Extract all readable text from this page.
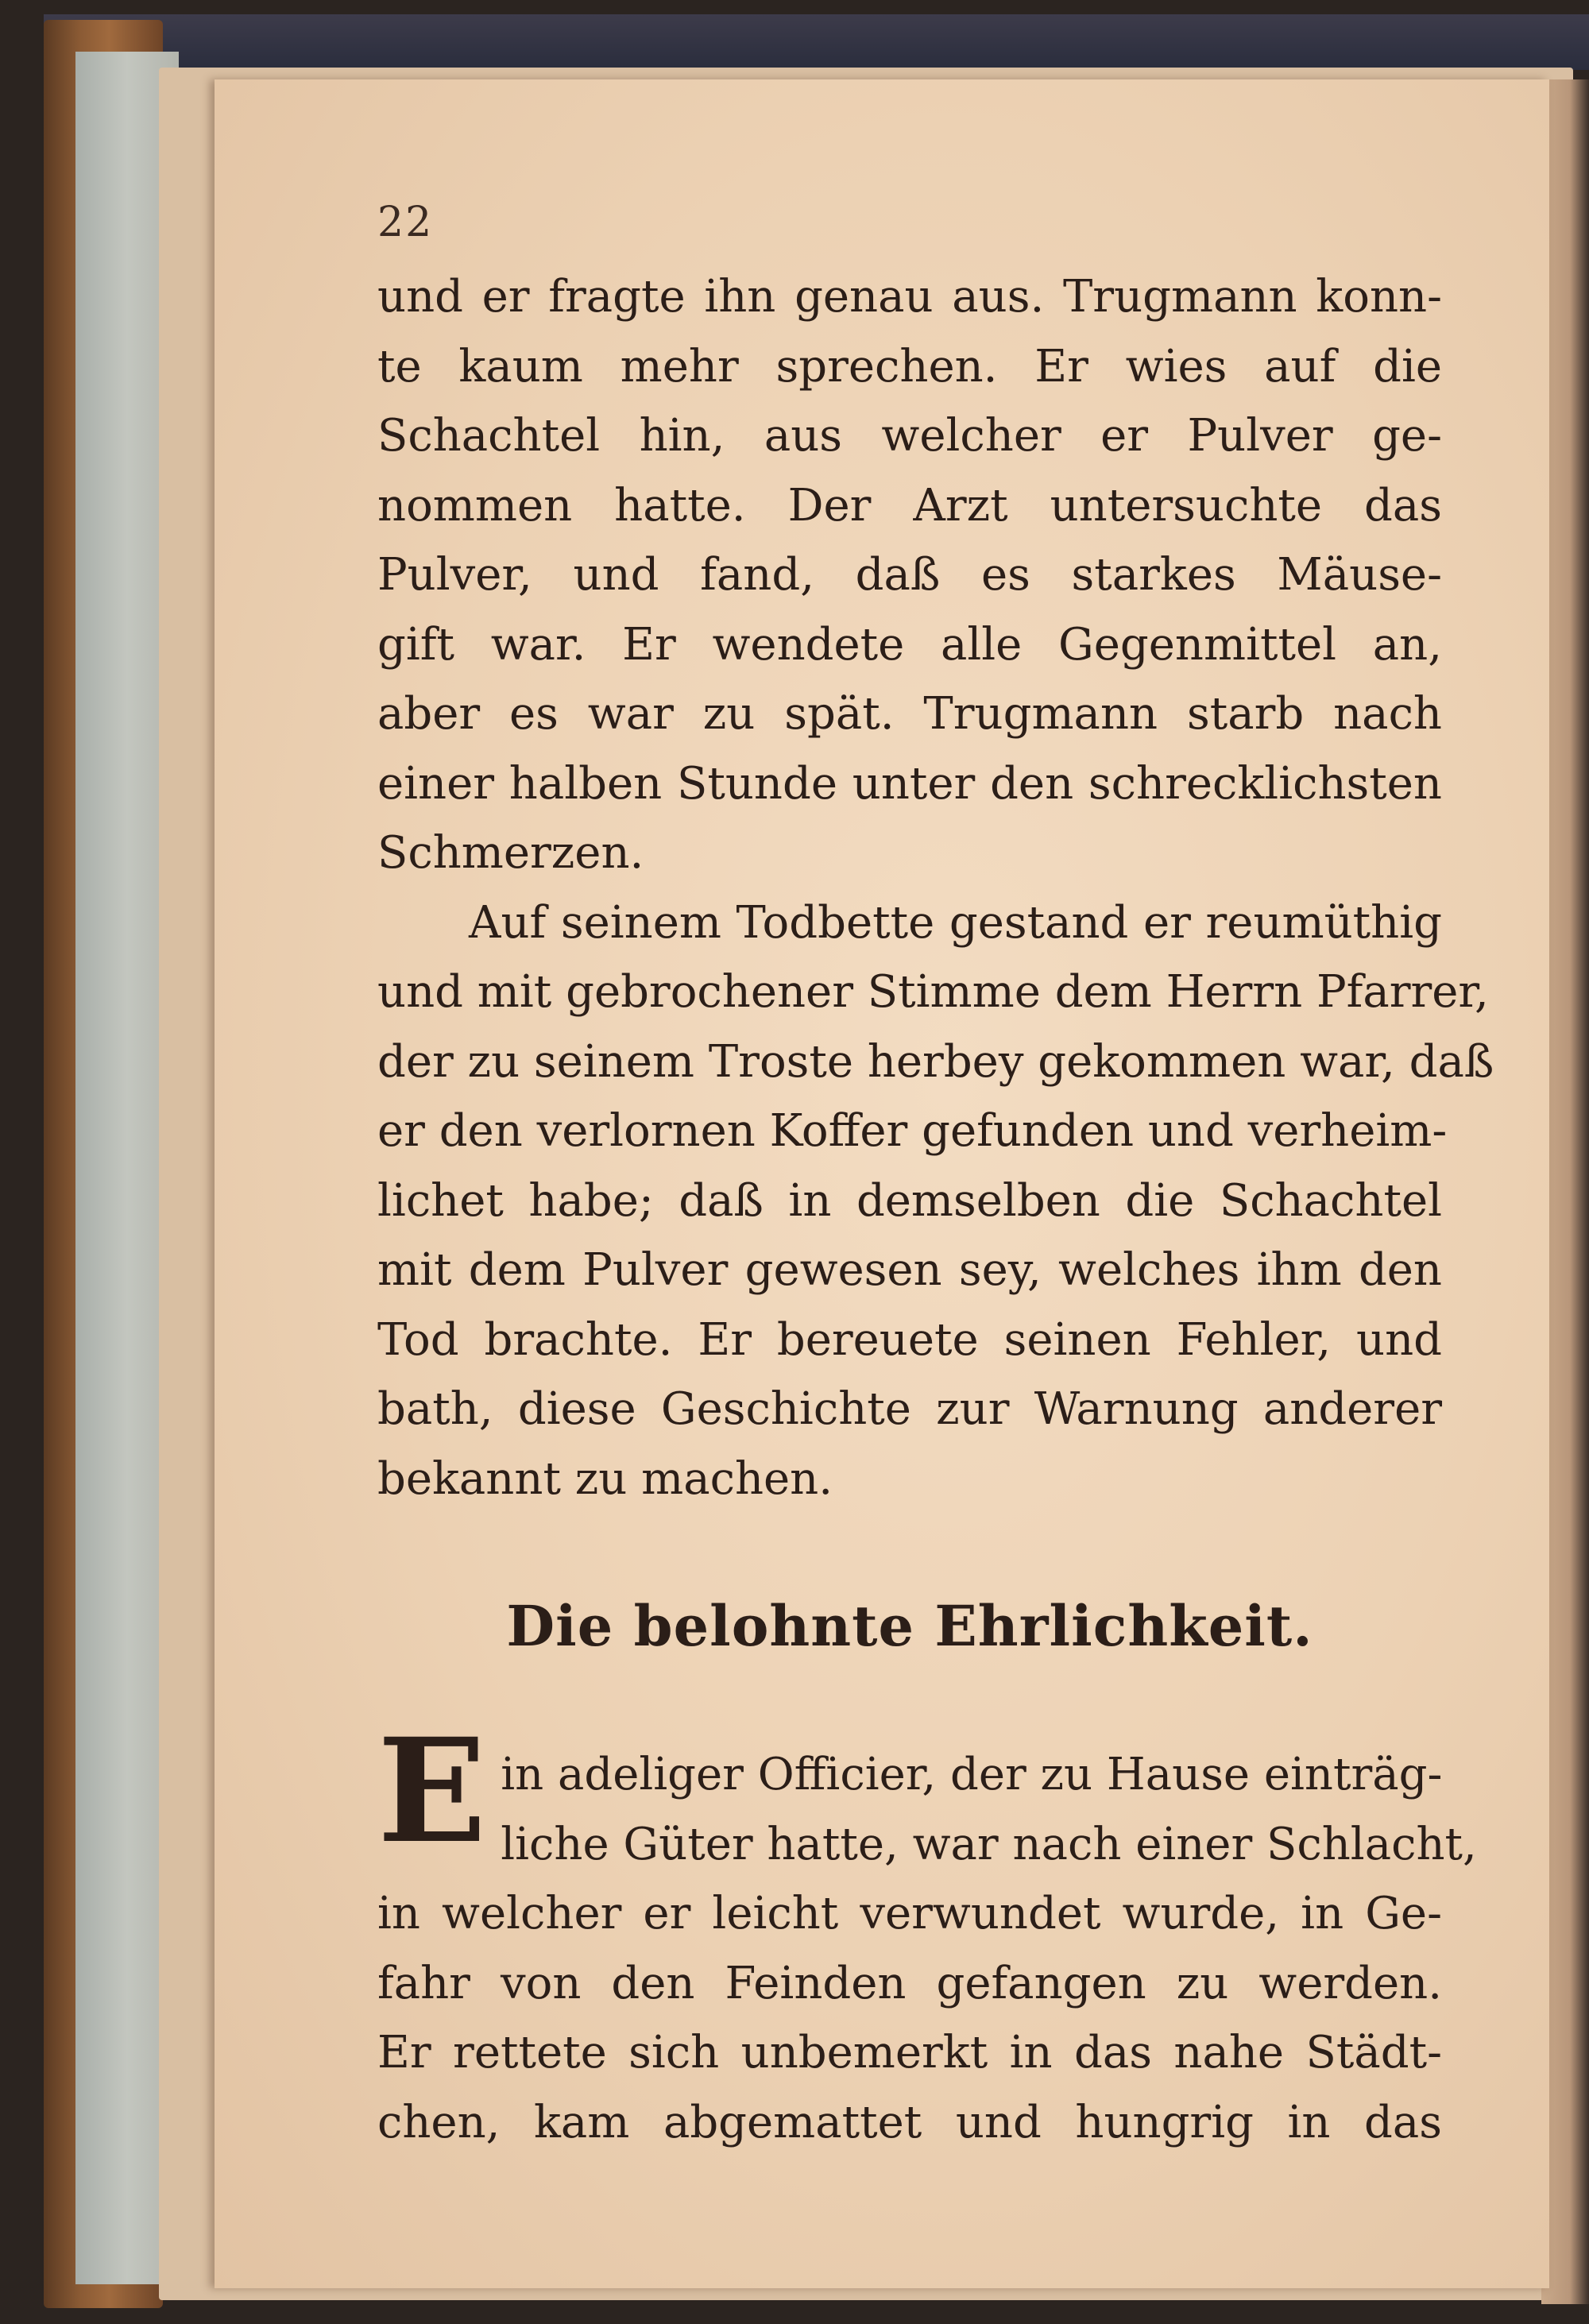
22
und er fragte ihn genau aus. Trugmann konn-
te kaum mehr sprechen. Er wies auf die
Schachtel hin, aus welcher er Pulver ge-
nommen hatte. Der Arzt untersuchte das
Pulver, und fand, daß es starkes Mäuse-
gift war. Er wendete alle Gegenmittel an,
aber es war zu spät. Trugmann starb nach
einer halben Stunde unter den schrecklichsten
Schmerzen.
Auf seinem Todbette gestand er reumüthig
und mit gebrochener Stimme dem Herrn Pfarrer,
der zu seinem Troste herbey gekommen war, daß
er den verlornen Koffer gefunden und verheim-
lichet habe; daß in demselben die Schachtel
mit dem Pulver gewesen sey, welches ihm den
Tod brachte. Er bereuete seinen Fehler, und
bath, diese Geschichte zur Warnung anderer
bekannt zu machen.
Die belohnte Ehrlichkeit.
E in adeliger Officier, der zu Hause einträg-
liche Güter hatte, war nach einer Schlacht,
in welcher er leicht verwundet wurde, in Ge-
fahr von den Feinden gefangen zu werden.
Er rettete sich unbemerkt in das nahe Städt-
chen, kam abgemattet und hungrig in das
